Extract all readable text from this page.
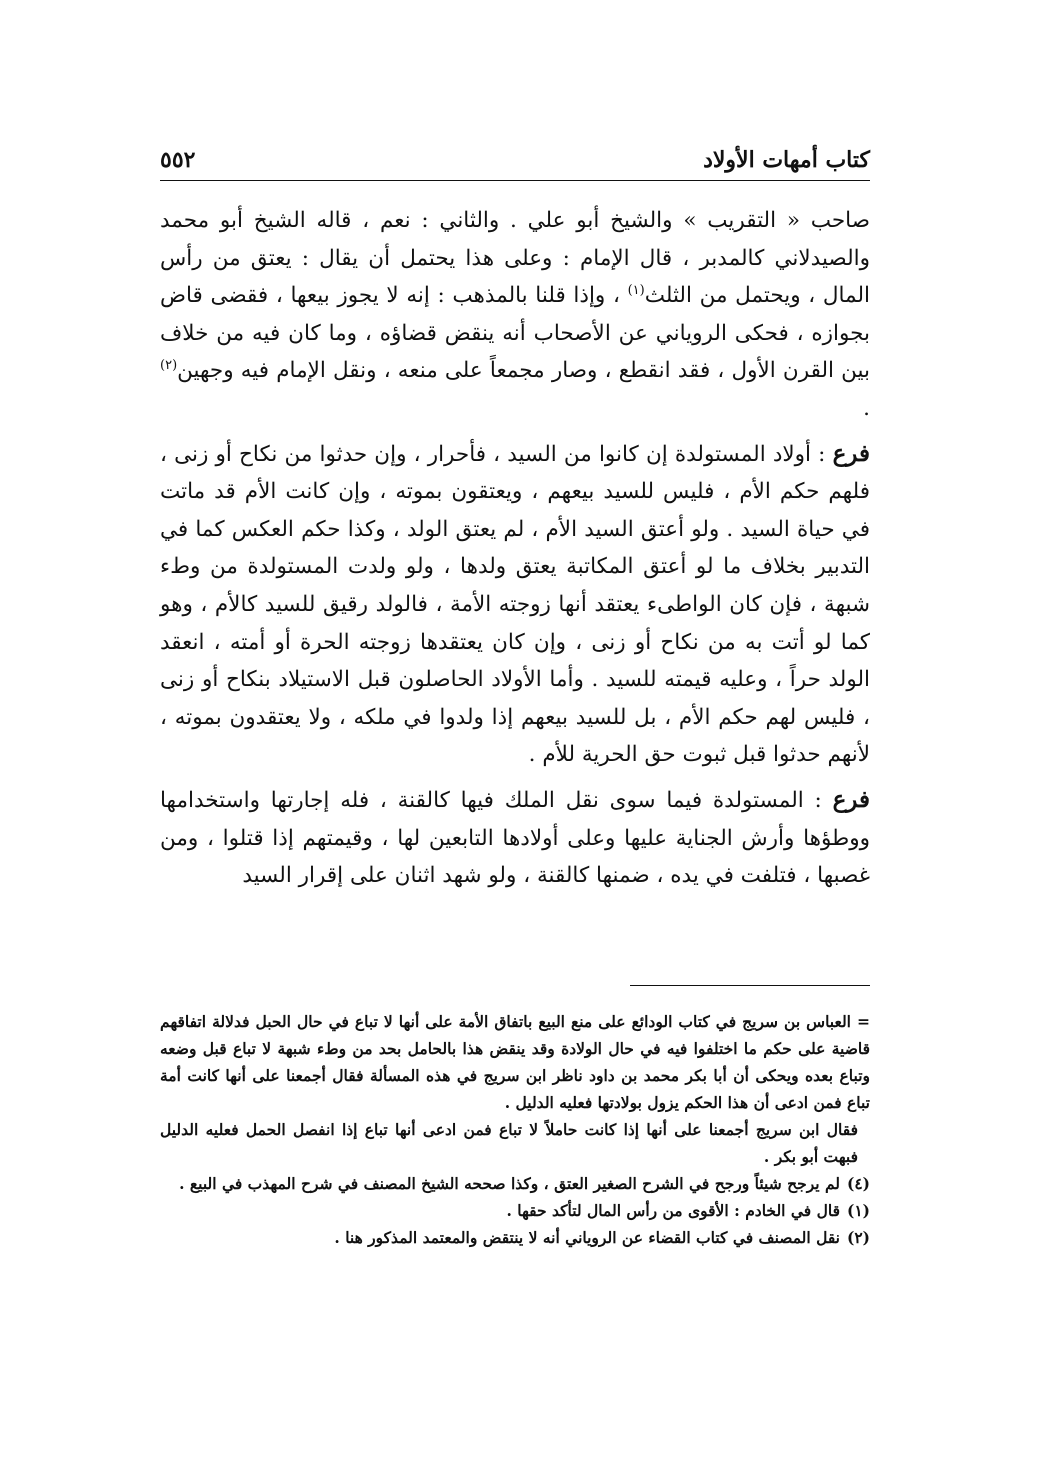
كتاب أمهات الأولاد
٥٥٢

صاحب « التقريب » والشيخ أبو علي . والثاني : نعم ، قاله الشيخ أبو محمد والصيدلاني كالمدبر ، قال الإمام : وعلى هذا يحتمل أن يقال : يعتق من رأس المال ، ويحتمل من الثلث$^{(١)}$ ، وإذا قلنا بالمذهب : إنه لا يجوز بيعها ، فقضى قاض بجوازه ، فحكى الروياني عن الأصحاب أنه ينقض قضاؤه ، وما كان فيه من خلاف بين القرن الأول ، فقد انقطع ، وصار مجمعاً على منعه ، ونقل الإمام فيه وجهين$^{(٢)}$ .

فرع : أولاد المستولدة إن كانوا من السيد ، فأحرار ، وإن حدثوا من نكاح أو زنى ، فلهم حكم الأم ، فليس للسيد بيعهم ، ويعتقون بموته ، وإن كانت الأم قد ماتت في حياة السيد . ولو أعتق السيد الأم ، لم يعتق الولد ، وكذا حكم العكس كما في التدبير بخلاف ما لو أعتق المكاتبة يعتق ولدها ، ولو ولدت المستولدة من وطء شبهة ، فإن كان الواطىء يعتقد أنها زوجته الأمة ، فالولد رقيق للسيد كالأم ، وهو كما لو أتت به من نكاح أو زنى ، وإن كان يعتقدها زوجته الحرة أو أمته ، انعقد الولد حراً ، وعليه قيمته للسيد . وأما الأولاد الحاصلون قبل الاستيلاد بنكاح أو زنى ، فليس لهم حكم الأم ، بل للسيد بيعهم إذا ولدوا في ملكه ، ولا يعتقدون بموته ، لأنهم حدثوا قبل ثبوت حق الحرية للأم .

فرع : المستولدة فيما سوى نقل الملك فيها كالقنة ، فله إجارتها واستخدامها ووطؤها وأرش الجناية عليها وعلى أولادها التابعين لها ، وقيمتهم إذا قتلوا ، ومن غصبها ، فتلفت في يده ، ضمنها كالقنة ، ولو شهد اثنان على إقرار السيد

= العباس بن سريج في كتاب الودائع على منع البيع باتفاق الأمة على أنها لا تباع في حال الحبل فدلالة اتفاقهم قاضية على حكم ما اختلفوا فيه في حال الولادة وقد ينقض هذا بالحامل بحد من وطء شبهة لا تباع قبل وضعه وتباع بعده ويحكى أن أبا بكر محمد بن داود ناظر ابن سريج في هذه المسألة فقال أجمعنا على أنها كانت أمة تباع فمن ادعى أن هذا الحكم يزول بولادتها فعليه الدليل .

فقال ابن سريج أجمعنا على أنها إذا كانت حاملاً لا تباع فمن ادعى أنها تباع إذا انفصل الحمل فعليه الدليل فبهت أبو بكر .

(٤)لم يرجح شيئاً ورجح في الشرح الصغير العتق ، وكذا صححه الشيخ المصنف في شرح المهذب في البيع .

(١)قال في الخادم : الأقوى من رأس المال لتأكد حقها .

(٢)نقل المصنف في كتاب القضاء عن الروياني أنه لا ينتقض والمعتمد المذكور هنا .
